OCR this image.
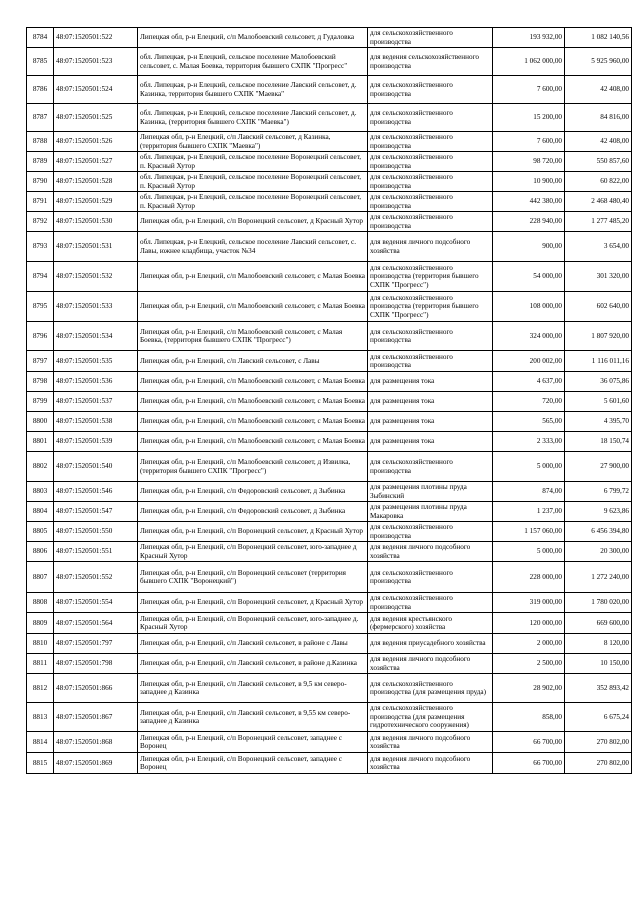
8784	48:07:1520501:522	Липецкая обл, р-н Елецкий, с/п Малобоевский сельсовет, д Гудаловка	для сельскохозяйственного производства	193 932,00	1 082 140,56
8785	48:07:1520501:523	обл. Липецкая, р-н Елецкий, сельское поселение Малобоевский сельсовет, с. Малая Боевка, территория бывшего СХПК "Прогресс"	для ведения сельскохозяйственного производства	1 062 000,00	5 925 960,00
8786	48:07:1520501:524	обл. Липецкая, р-н Елецкий, сельское поселение Лавский сельсовет, д. Казинка, территория бывшего СХПК "Маевка"	для сельскохозяйственного производства	7 600,00	42 408,00
8787	48:07:1520501:525	обл. Липецкая, р-н Елецкий, сельское поселение Лавский сельсовет, д. Казинка, (территория бывшего СХПК "Маевка")	для сельскохозяйственного производства	15 200,00	84 816,00
8788	48:07:1520501:526	Липецкая обл, р-н Елецкий, с/п Лавский сельсовет, д Казинка, (территория бывшего СХПК "Маевка")	для сельскохозяйственного производства	7 600,00	42 408,00
8789	48:07:1520501:527	обл. Липецкая, р-н Елецкий, сельское поселение Воронецкий сельсовет, п. Красный Хутор	для сельскохозяйственного производства	98 720,00	550 857,60
8790	48:07:1520501:528	обл. Липецкая, р-н Елецкий, сельское поселение Воронецкий сельсовет, п. Красный Хутор	для сельскохозяйственного производства	10 900,00	60 822,00
8791	48:07:1520501:529	обл. Липецкая, р-н Елецкий, сельское поселение Воронецкий сельсовет, п. Красный Хутор	для сельскохозяйственного производства	442 380,00	2 468 480,40
8792	48:07:1520501:530	Липецкая обл, р-н Елецкий, с/п Воронецкий сельсовет, д Красный Хутор	для сельскохозяйственного производства	228 940,00	1 277 485,20
8793	48:07:1520501:531	обл. Липецкая, р-н Елецкий, сельское поселение Лавский сельсовет, с. Лавы, южнее кладбища, участок №34	для ведения личного подсобного хозяйства	900,00	3 654,00
8794	48:07:1520501:532	Липецкая обл, р-н Елецкий, с/п Малобоевский сельсовет, с Малая Боевка	для сельскохозяйственного производства (территория бывшего СХПК "Прогресс")	54 000,00	301 320,00
8795	48:07:1520501:533	Липецкая обл, р-н Елецкий, с/п Малобоевский сельсовет, с Малая Боевка	для сельскохозяйственного производства (территория бывшего СХПК "Прогресс")	108 000,00	602 640,00
8796	48:07:1520501:534	Липецкая обл, р-н Елецкий, с/п Малобоевский сельсовет, с Малая Боевка, (территория бывшего СХПК "Прогресс")	для сельскохозяйственного производства	324 000,00	1 807 920,00
8797	48:07:1520501:535	Липецкая обл, р-н Елецкий, с/п Лавский сельсовет, с Лавы	для сельскохозяйственного производства	200 002,00	1 116 011,16
8798	48:07:1520501:536	Липецкая обл, р-н Елецкий, с/п Малобоевский сельсовет, с Малая Боевка	для размещения тока	4 637,00	36 075,86
8799	48:07:1520501:537	Липецкая обл, р-н Елецкий, с/п Малобоевский сельсовет, с Малая Боевка	для размещения тока	720,00	5 601,60
8800	48:07:1520501:538	Липецкая обл, р-н Елецкий, с/п Малобоевский сельсовет, с Малая Боевка	для размещения тока	565,00	4 395,70
8801	48:07:1520501:539	Липецкая обл, р-н Елецкий, с/п Малобоевский сельсовет, с Малая Боевка	для размещения тока	2 333,00	18 150,74
8802	48:07:1520501:540	Липецкая обл, р-н Елецкий, с/п Малобоевский сельсовет, д Извилка, (территория бывшего СХПК "Прогресс")	для сельскохозяйственного производства	5 000,00	27 900,00
8803	48:07:1520501:546	Липецкая обл, р-н Елецкий, с/п Федоровский сельсовет, д Зыбинка	для размещения плотины пруда Зыбинский	874,00	6 799,72
8804	48:07:1520501:547	Липецкая обл, р-н Елецкий, с/п Федоровский сельсовет, д Зыбинка	для размещения плотины пруда Макаровка	1 237,00	9 623,86
8805	48:07:1520501:550	Липецкая обл, р-н Елецкий, с/п Воронецкий сельсовет, д Красный Хутор	для сельскохозяйственного производства	1 157 060,00	6 456 394,80
8806	48:07:1520501:551	Липецкая обл, р-н Елецкий, с/п Воронецкий сельсовет, юго-западнее д Красный Хутор	для ведения личного подсобного хозяйства	5 000,00	20 300,00
8807	48:07:1520501:552	Липецкая обл, р-н Елецкий, с/п Воронецкий сельсовет (территория бывшего СХПК "Воронецкий")	для сельскохозяйственного производства	228 000,00	1 272 240,00
8808	48:07:1520501:554	Липецкая обл, р-н Елецкий, с/п Воронецкий сельсовет, д Красный Хутор	для сельскохозяйственного производства	319 000,00	1 780 020,00
8809	48:07:1520501:564	Липецкая обл, р-н Елецкий, с/п Воронецкий сельсовет, юго-западнее д. Красный Хутор	для ведения крестьянского (фермерского) хозяйства	120 000,00	669 600,00
8810	48:07:1520501:797	Липецкая обл, р-н Елецкий, с/п Лавский сельсовет, в районе с Лавы	для ведения приусадебного хозяйства	2 000,00	8 120,00
8811	48:07:1520501:798	Липецкая обл, р-н Елецкий, с/п Лавский сельсовет, в районе д.Казинка	для ведения личного подсобного хозяйства	2 500,00	10 150,00
8812	48:07:1520501:866	Липецкая обл, р-н Елецкий, с/п Лавский сельсовет, в 9,5 км северо-западнее д Казинка	для сельскохозяйственного производства (для размещения пруда)	28 902,00	352 893,42
8813	48:07:1520501:867	Липецкая обл, р-н Елецкий, с/п Лавский сельсовет, в 9,55 км северо-западнее д Казинка	для сельскохозяйственного производства (для размещения гидротехнического сооружения)	858,00	6 675,24
8814	48:07:1520501:868	Липецкая обл, р-н Елецкий, с/п Воронецкий сельсовет, западнее с Воронец	для ведения личного подсобного хозяйства	66 700,00	270 802,00
8815	48:07:1520501:869	Липецкая обл, р-н Елецкий, с/п Воронецкий сельсовет, западнее с Воронец	для ведения личного подсобного хозяйства	66 700,00	270 802,00
